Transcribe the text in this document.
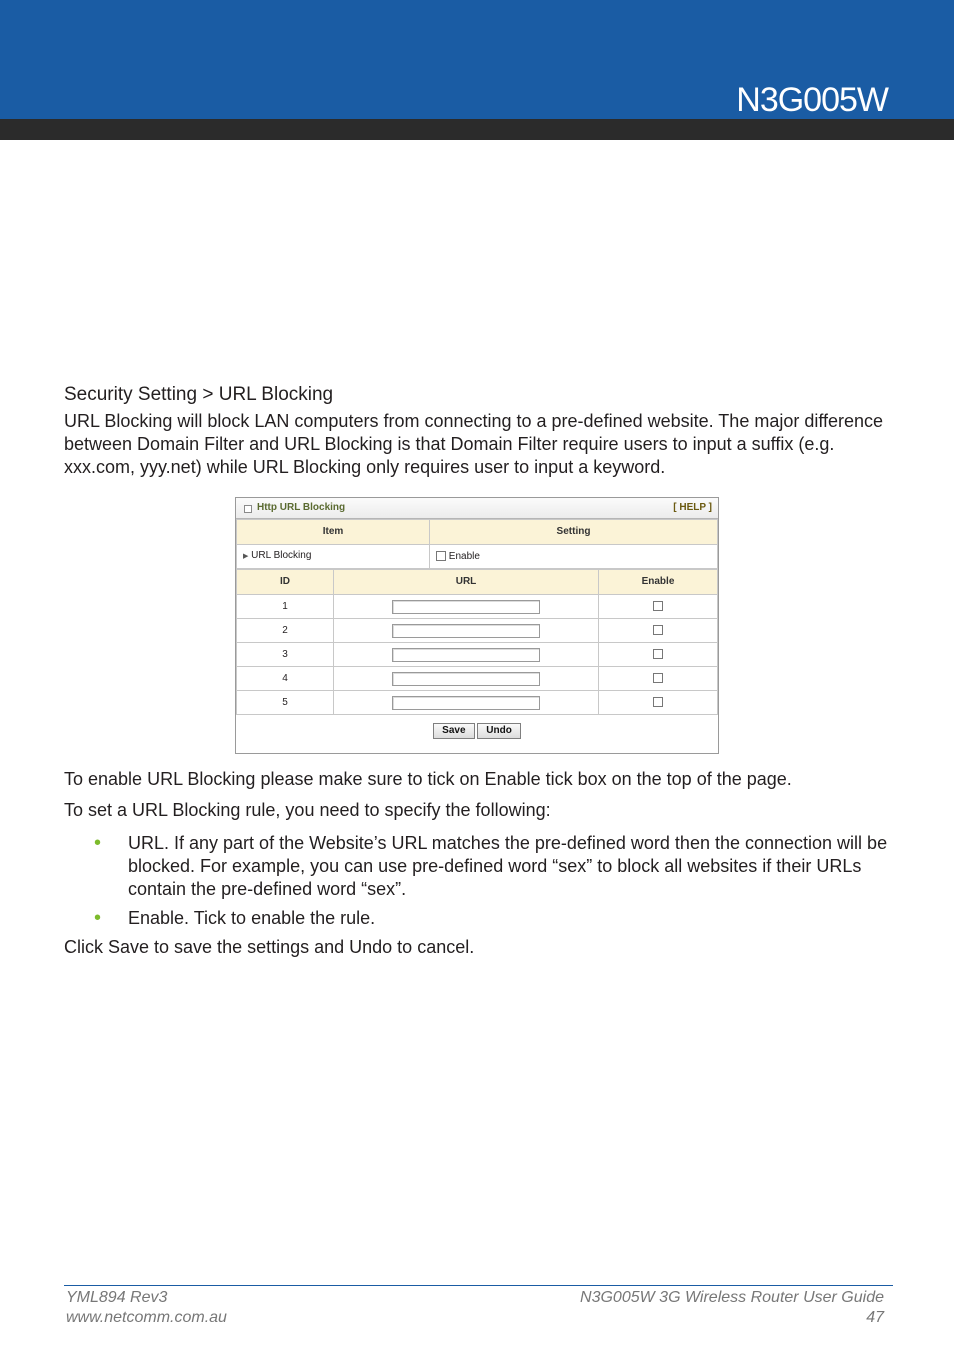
N3G005W
Security Setting > URL Blocking

URL Blocking will block LAN computers from connecting to a pre-defined website. The major difference between Domain Filter and URL Blocking is that Domain Filter require users to input a suffix (e.g. xxx.com, yyy.net) while URL Blocking only requires user to input a keyword.

Http URL Blocking	[ HELP ]
Item	Setting
▶ URL Blocking	Enable
ID	URL	Enable
1		
2		
3		
4		
5		
Save Undo

To enable URL Blocking please make sure to tick on Enable tick box on the top of the page.

To set a URL Blocking rule, you need to specify the following:

• URL. If any part of the Website’s URL matches the pre-defined word then the connection will be blocked. For example, you can use pre-defined word “sex” to block all websites if their URLs contain the pre-defined word “sex”.
• Enable. Tick to enable the rule.

Click Save to save the settings and Undo to cancel.

YML894 Rev3
www.netcomm.com.au
N3G005W 3G Wireless Router User Guide
47
